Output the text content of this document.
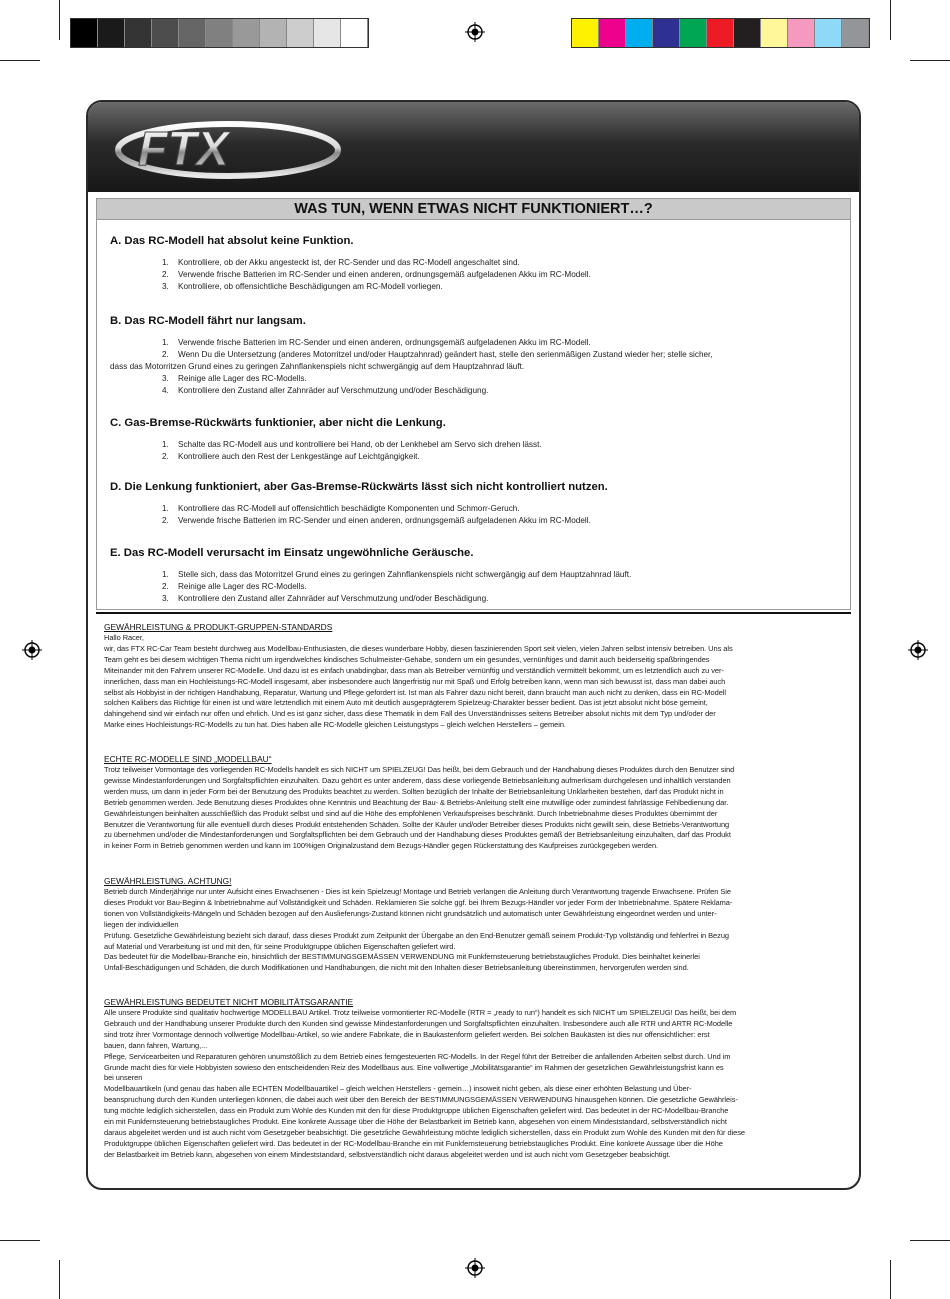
FTX
WAS TUN, WENN ETWAS NICHT FUNKTIONIERT…?
A. Das RC-Modell hat absolut keine Funktion.
1.	Kontrolliere, ob der Akku angesteckt ist, der RC-Sender und das RC-Modell angeschaltet sind.
2.	Verwende frische Batterien im RC-Sender und einen anderen, ordnungsgemäß aufgeladenen Akku im RC-Modell.
3.	Kontrolliere, ob offensichtliche Beschädigungen am RC-Modell vorliegen.
B. Das RC-Modell fährt nur langsam.
1.	Verwende frische Batterien im RC-Sender und einen anderen, ordnungsgemäß aufgeladenen Akku im RC-Modell.
2.	Wenn Du die Untersetzung (anderes Motorritzel und/oder Hauptzahnrad) geändert hast, stelle den serienmäßigen Zustand wieder her; stelle sicher,
dass das Motorritzen Grund eines zu geringen Zahnflankenspiels nicht schwergängig auf dem Hauptzahnrad läuft.
3.	Reinige alle Lager des RC-Modells.
4.	Kontrolliere den Zustand aller Zahnräder auf Verschmutzung und/oder Beschädigung.
C. Gas-Bremse-Rückwärts funktionier, aber nicht die Lenkung.
1.	Schalte das RC-Modell aus und kontrolliere bei Hand, ob der Lenkhebel am Servo sich drehen lässt.
2.	Kontrolliere auch den Rest der Lenkgestänge auf Leichtgängigkeit.
D. Die Lenkung funktioniert, aber Gas-Bremse-Rückwärts lässt sich nicht kontrolliert nutzen.
1.	Kontrolliere das RC-Modell auf offensichtlich beschädigte Komponenten und Schmorr-Geruch.
2.	Verwende frische Batterien im RC-Sender und einen anderen, ordnungsgemäß aufgeladenen Akku im RC-Modell.
E. Das RC-Modell verursacht im Einsatz ungewöhnliche Geräusche.
1.	Stelle sich, dass das Motorritzel Grund eines zu geringen Zahnflankenspiels nicht schwergängig auf dem Hauptzahnrad läuft.
2.	Reinige alle Lager des RC-Modells.
3.	Kontrolliere den Zustand aller Zahnräder auf Verschmutzung und/oder Beschädigung.
GEWÄHRLEISTUNG & PRODUKT-GRUPPEN-STANDARDS

Hallo Racer,

wir, das FTX RC-Car Team besteht durchweg aus Modellbau-Enthusiasten, die dieses wunderbare Hobby, diesen faszinierenden Sport seit vielen, vielen Jahren selbst intensiv betreiben. Uns als

Team geht es bei diesem wichtigen Thema nicht um irgendwelches kindisches Schulmeister-Gehabe, sondern um ein gesundes, vernünftiges und damit auch beiderseitig spaßbringendes

Miteinander mit den Fahrern unserer RC-Modelle. Und dazu ist es einfach unabdingbar, dass man als Betreiber vernünftig und verständlich vermittelt bekommt, um es letztendlich auch zu ver-

innerlichen, dass man ein Hochleistungs-RC-Modell insgesamt, aber insbesondere auch längerfristig nur mit Spaß und Erfolg betreiben kann, wenn man sich bewusst ist, dass man dabei auch

selbst als Hobbyist in der richtigen Handhabung, Reparatur, Wartung und Pflege gefordert ist. Ist man als Fahrer dazu nicht bereit, dann braucht man auch nicht zu denken, dass ein RC-Modell

solchen Kalibers das Richtige für einen ist und wäre letztendlich mit einem Auto mit deutlich ausgeprägterem Spielzeug-Charakter besser bedient. Das ist jetzt absolut nicht böse gemeint,

dahingehend sind wir einfach nur offen und ehrlich. Und es ist ganz sicher, dass diese Thematik in dem Fall des Unverständnisses seitens Betreiber absolut nichts mit dem Typ und/oder der

Marke eines Hochleistungs-RC-Modells zu tun hat. Dies haben alle RC-Modelle gleichen Leistungstyps – gleich welchen Herstellers – gemein.

ECHTE RC-MODELLE SIND „MODELLBAU“

Trotz teilweiser Vormontage des vorliegenden RC-Modells handelt es sich NICHT um SPIELZEUG! Das heißt, bei dem Gebrauch und der Handhabung dieses Produktes durch den Benutzer sind

gewisse Mindestanforderungen und Sorgfaltspflichten einzuhalten. Dazu gehört es unter anderem, dass diese vorliegende Betriebsanleitung aufmerksam durchgelesen und inhaltlich verstanden

werden muss, um dann in jeder Form bei der Benutzung des Produkts beachtet zu werden. Sollten bezüglich der Inhalte der Betriebsanleitung Unklarheiten bestehen, darf das Produkt nicht in

Betrieb genommen werden. Jede Benutzung dieses Produktes ohne Kenntnis und Beachtung der Bau- & Betriebs-Anleitung stellt eine mutwillige oder zumindest fahrlässige Fehlbedienung dar.

Gewährleistungen beinhalten ausschließlich das Produkt selbst und sind auf die Höhe des empfohlenen Verkaufspreises beschränkt. Durch Inbetriebnahme dieses Produktes übernimmt der

Benutzer die Verantwortung für alle eventuell durch dieses Produkt entstehenden Schäden. Sollte der Käufer und/oder Betreiber dieses Produkts nicht gewillt sein, diese Betriebs-Verantwortung

zu übernehmen und/oder die Mindestanforderungen und Sorgfaltspflichten bei dem Gebrauch und der Handhabung dieses Produktes gemäß der Betriebsanleitung einzuhalten, darf das Produkt

in keiner Form in Betrieb genommen werden und kann im 100%igen Originalzustand dem Bezugs-Händler gegen Rückerstattung des Kaufpreises zurückgegeben werden.

GEWÄHRLEISTUNG. ACHTUNG!

Betrieb durch Minderjährige nur unter Aufsicht eines Erwachsenen - Dies ist kein Spielzeug! Montage und Betrieb verlangen die Anleitung durch Verantwortung tragende Erwachsene. Prüfen Sie

dieses Produkt vor Bau-Beginn & Inbetriebnahme auf Vollständigkeit und Schäden. Reklamieren Sie solche ggf. bei Ihrem Bezugs-Händler vor jeder Form der Inbetriebnahme. Spätere Reklama-

tionen von Vollständigkeits-Mängeln und Schäden bezogen auf den Auslieferungs-Zustand können nicht grundsätzlich und automatisch unter Gewährleistung eingeordnet werden und unter-

liegen der individuellen

Prüfung. Gesetzliche Gewährleistung bezieht sich darauf, dass dieses Produkt zum Zeitpunkt der Übergabe an den End-Benutzer gemäß seinem Produkt-Typ vollständig und fehlerfrei in Bezug

auf Material und Verarbeitung ist und mit den, für seine Produktgruppe üblichen Eigenschaften geliefert wird.

Das bedeutet für die Modellbau-Branche ein, hinsichtlich der BESTIMMUNGSGEMÄSSEN VERWENDUNG mit Funkfernsteuerung betriebstaugliches Produkt. Dies beinhaltet keinerlei

Unfall-Beschädigungen und Schäden, die durch Modifikationen und Handhabungen, die nicht mit den Inhalten dieser Betriebsanleitung übereinstimmen, hervorgerufen werden sind.

GEWÄHRLEISTUNG BEDEUTET NICHT MOBILITÄTSGARANTIE

Alle unsere Produkte sind qualitativ hochwertige MODELLBAU Artikel. Trotz teilweise vormontierter RC-Modelle (RTR = „ready to run“) handelt es sich NICHT um SPIELZEUG! Das heißt, bei dem

Gebrauch und der Handhabung unserer Produkte durch den Kunden sind gewisse Mindestanforderungen und Sorgfaltspflichten einzuhalten. Insbesondere auch alle RTR und ARTR RC-Modelle

sind trotz ihrer Vormontage dennoch vollwertige Modellbau-Artikel, so wie andere Fabrikate, die in Baukastenform geliefert werden. Bei solchen Baukästen ist dies nur offensichtlicher: erst

bauen, dann fahren, Wartung,...

Pflege, Servicearbeiten und Reparaturen gehören unumstößlich zu dem Betrieb eines ferngesteuerten RC-Modells. In der Regel führt der Betreiber die anfallenden Arbeiten selbst durch. Und im

Grunde macht dies für viele Hobbyisten sowieso den entscheidenden Reiz des Modellbaus aus. Eine vollwertige „Mobilitätsgarantie“ im Rahmen der gesetzlichen Gewährleistungsfrist kann es

bei unseren

Modellbauartikeln (und genau das haben alle ECHTEN Modellbauartikel – gleich welchen Herstellers - gemein…) insoweit nicht geben, als diese einer erhöhten Belastung und Über-

beanspruchung durch den Kunden unterliegen können, die dabei auch weit über den Bereich der BESTIMMUNGSGEMÄSSEN VERWENDUNG hinausgehen können. Die gesetzliche Gewährleis-

tung möchte lediglich sicherstellen, dass ein Produkt zum Wohle des Kunden mit den für diese Produktgruppe üblichen Eigenschaften geliefert wird. Das bedeutet in der RC-Modellbau-Branche

ein mit Funkfernsteuerung betriebstaugliches Produkt. Eine konkrete Aussage über die Höhe der Belastbarkeit im Betrieb kann, abgesehen von einem Mindeststandard, selbstverständlich nicht

daraus abgeleitet werden und ist auch nicht vom Gesetzgeber beabsichtigt. Die gesetzliche Gewährleistung möchte lediglich sicherstellen, dass ein Produkt zum Wohle des Kunden mit den für diese

Produktgruppe üblichen Eigenschaften geliefert wird. Das bedeutet in der RC-Modellbau-Branche ein mit Funkfernsteuerung betriebstaugliches Produkt. Eine konkrete Aussage über die Höhe

der Belastbarkeit im Betrieb kann, abgesehen von einem Mindeststandard, selbstverständlich nicht daraus abgeleitet werden und ist auch nicht vom Gesetzgeber beabsichtigt.
